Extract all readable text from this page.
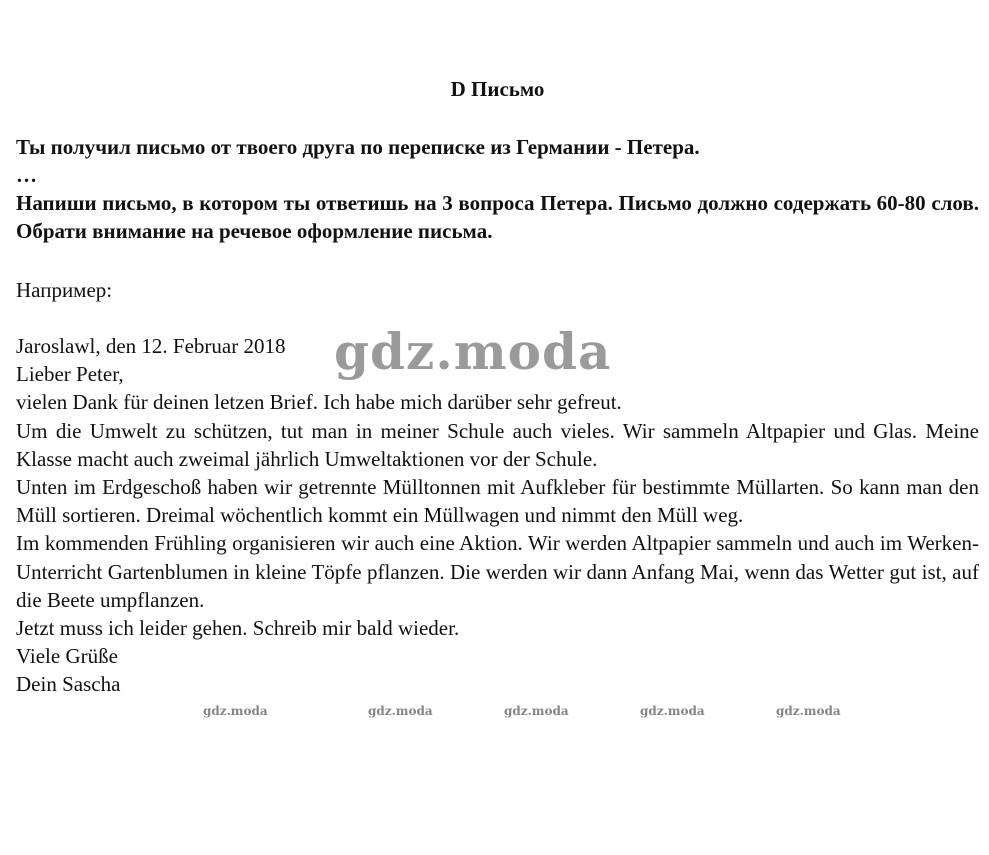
D Письмо
Ты получил письмо от твоего друга по переписке из Германии - Петера.
…
Напиши письмо, в котором ты ответишь на 3 вопроса Петера. Письмо должно содержать 60-80 слов. Обрати внимание на речевое оформление письма.
Например:
Jaroslawl, den 12. Februar 2018
Lieber Peter,
vielen Dank für deinen letzen Brief. Ich habe mich darüber sehr gefreut.
Um die Umwelt zu schützen, tut man in meiner Schule auch vieles. Wir sammeln Altpapier und Glas. Meine Klasse macht auch zweimal jährlich Umweltaktionen vor der Schule.
Unten im Erdgeschoß haben wir getrennte Mülltonnen mit Aufkleber für bestimmte Müllarten. So kann man den Müll sortieren. Dreimal wöchentlich kommt ein Müllwagen und nimmt den Müll weg.
Im kommenden Frühling organisieren wir auch eine Aktion. Wir werden Altpapier sammeln und auch im Werken-Unterricht Gartenblumen in kleine Töpfe pflanzen. Die werden wir dann Anfang Mai, wenn das Wetter gut ist, auf die Beete umpflanzen.
Jetzt muss ich leider gehen. Schreib mir bald wieder.
Viele Grüße
Dein Sascha
gdz.moda
gdz.moda	gdz.moda	gdz.moda	gdz.moda	gdz.moda
